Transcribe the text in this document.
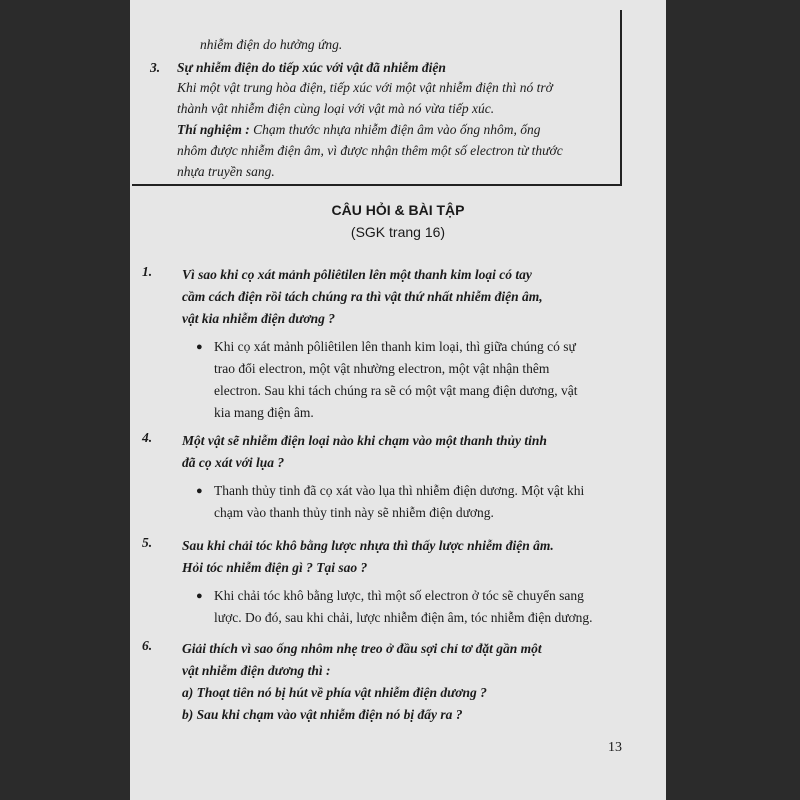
nhiễm điện do hưởng ứng.
3.	Sự nhiễm điện do tiếp xúc với vật đã nhiễm điện
Khi một vật trung hòa điện, tiếp xúc với một vật nhiễm điện thì nó trở
thành vật nhiễm điện cùng loại với vật mà nó vừa tiếp xúc.
Thí nghiệm : Chạm thước nhựa nhiễm điện âm vào ống nhôm, ống
nhôm được nhiễm điện âm, vì được nhận thêm một số electron từ thước
nhựa truyền sang.
CÂU HỎI & BÀI TẬP
(SGK trang 16)
1. Vì sao khi cọ xát mảnh pôliêtilen lên một thanh kim loại có tay
cầm cách điện rồi tách chúng ra thì vật thứ nhất nhiễm điện âm,
vật kia nhiễm điện dương ?
● Khi cọ xát mảnh pôliêtilen lên thanh kim loại, thì giữa chúng có sự
trao đổi electron, một vật nhường electron, một vật nhận thêm
electron. Sau khi tách chúng ra sẽ có một vật mang điện dương, vật
kia mang điện âm.
4. Một vật sẽ nhiễm điện loại nào khi chạm vào một thanh thủy tinh
đã cọ xát với lụa ?
● Thanh thủy tinh đã cọ xát vào lụa thì nhiễm điện dương. Một vật khi
chạm vào thanh thủy tinh này sẽ nhiễm điện dương.
5. Sau khi chải tóc khô bằng lược nhựa thì thấy lược nhiễm điện âm.
Hỏi tóc nhiễm điện gì ? Tại sao ?
● Khi chải tóc khô bằng lược, thì một số electron ở tóc sẽ chuyển sang
lược. Do đó, sau khi chải, lược nhiễm điện âm, tóc nhiễm điện dương.
6. Giải thích vì sao ống nhôm nhẹ treo ở đầu sợi chỉ tơ đặt gần một
vật nhiễm điện dương thì :
a) Thoạt tiên nó bị hút về phía vật nhiễm điện dương ?
b) Sau khi chạm vào vật nhiễm điện nó bị đẩy ra ?
13
